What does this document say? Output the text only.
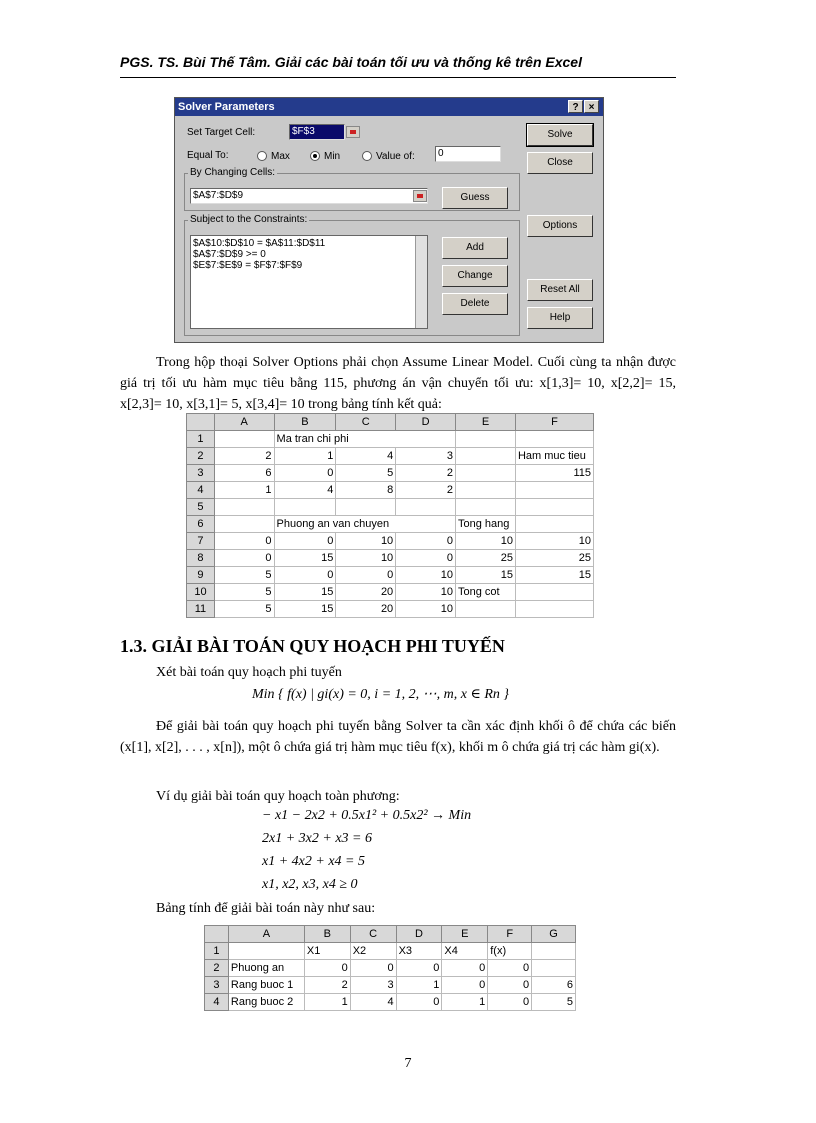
PGS. TS. Bùi Thế Tâm. Giải các bài toán tối ưu và thống kê trên Excel
Solver Parameters	?	×
Set Target Cell:	$F$3
Equal To:	Max	Min	Value of:	0
By Changing Cells:
$A$7:$D$9	Guess
Subject to the Constraints:
$A$10:$D$10 = $A$11:$D$11
$A$7:$D$9 >= 0
$E$7:$E$9 = $F$7:$F$9
Add
Change
Delete
Solve
Close
Options
Reset All
Help
Trong hộp thoại Solver Options phải chọn Assume Linear Model. Cuối cùng ta nhận được giá trị tối ưu hàm mục tiêu bằng 115, phương án vận chuyển tối ưu: x[1,3]= 10, x[2,2]= 15, x[2,3]= 10, x[3,1]= 5, x[3,4]= 10 trong bảng tính kết quả:
	A	B	C	D	E	F
1		Ma tran chi phi				
2	2	1	4	3		Ham muc tieu
3	6	0	5	2		115
4	1	4	8	2		
5						
6		Phuong an van chuyen			Tong hang	
7	0	0	10	0	10	10
8	0	15	10	0	25	25
9	5	0	0	10	15	15
10	5	15	20	10	Tong cot	
11	5	15	20	10		
1.3. GIẢI BÀI TOÁN QUY HOẠCH PHI TUYẾN
Xét bài toán quy hoạch phi tuyến
Min { f(x) | gi(x) = 0, i = 1, 2, ⋯, m, x ∈ Rn }
Để giải bài toán quy hoạch phi tuyến bằng Solver ta cần xác định khối ô để chứa các biến (x[1], x[2], . . . , x[n]), một ô chứa giá trị hàm mục tiêu f(x), khối m ô chứa giá trị các hàm gi(x).
Ví dụ giải bài toán quy hoạch toàn phương:
− x1 − 2x2 + 0.5x1² + 0.5x2² → Min
2x1 + 3x2 + x3 = 6
x1 + 4x2 + x4 = 5
x1, x2, x3, x4 ≥ 0
Bảng tính để giải bài toán này như sau:
	A	B	C	D	E	F	G
1		X1	X2	X3	X4	f(x)	
2	Phuong an	0	0	0	0	0	
3	Rang buoc 1	2	3	1	0	0	6
4	Rang buoc 2	1	4	0	1	0	5
7
